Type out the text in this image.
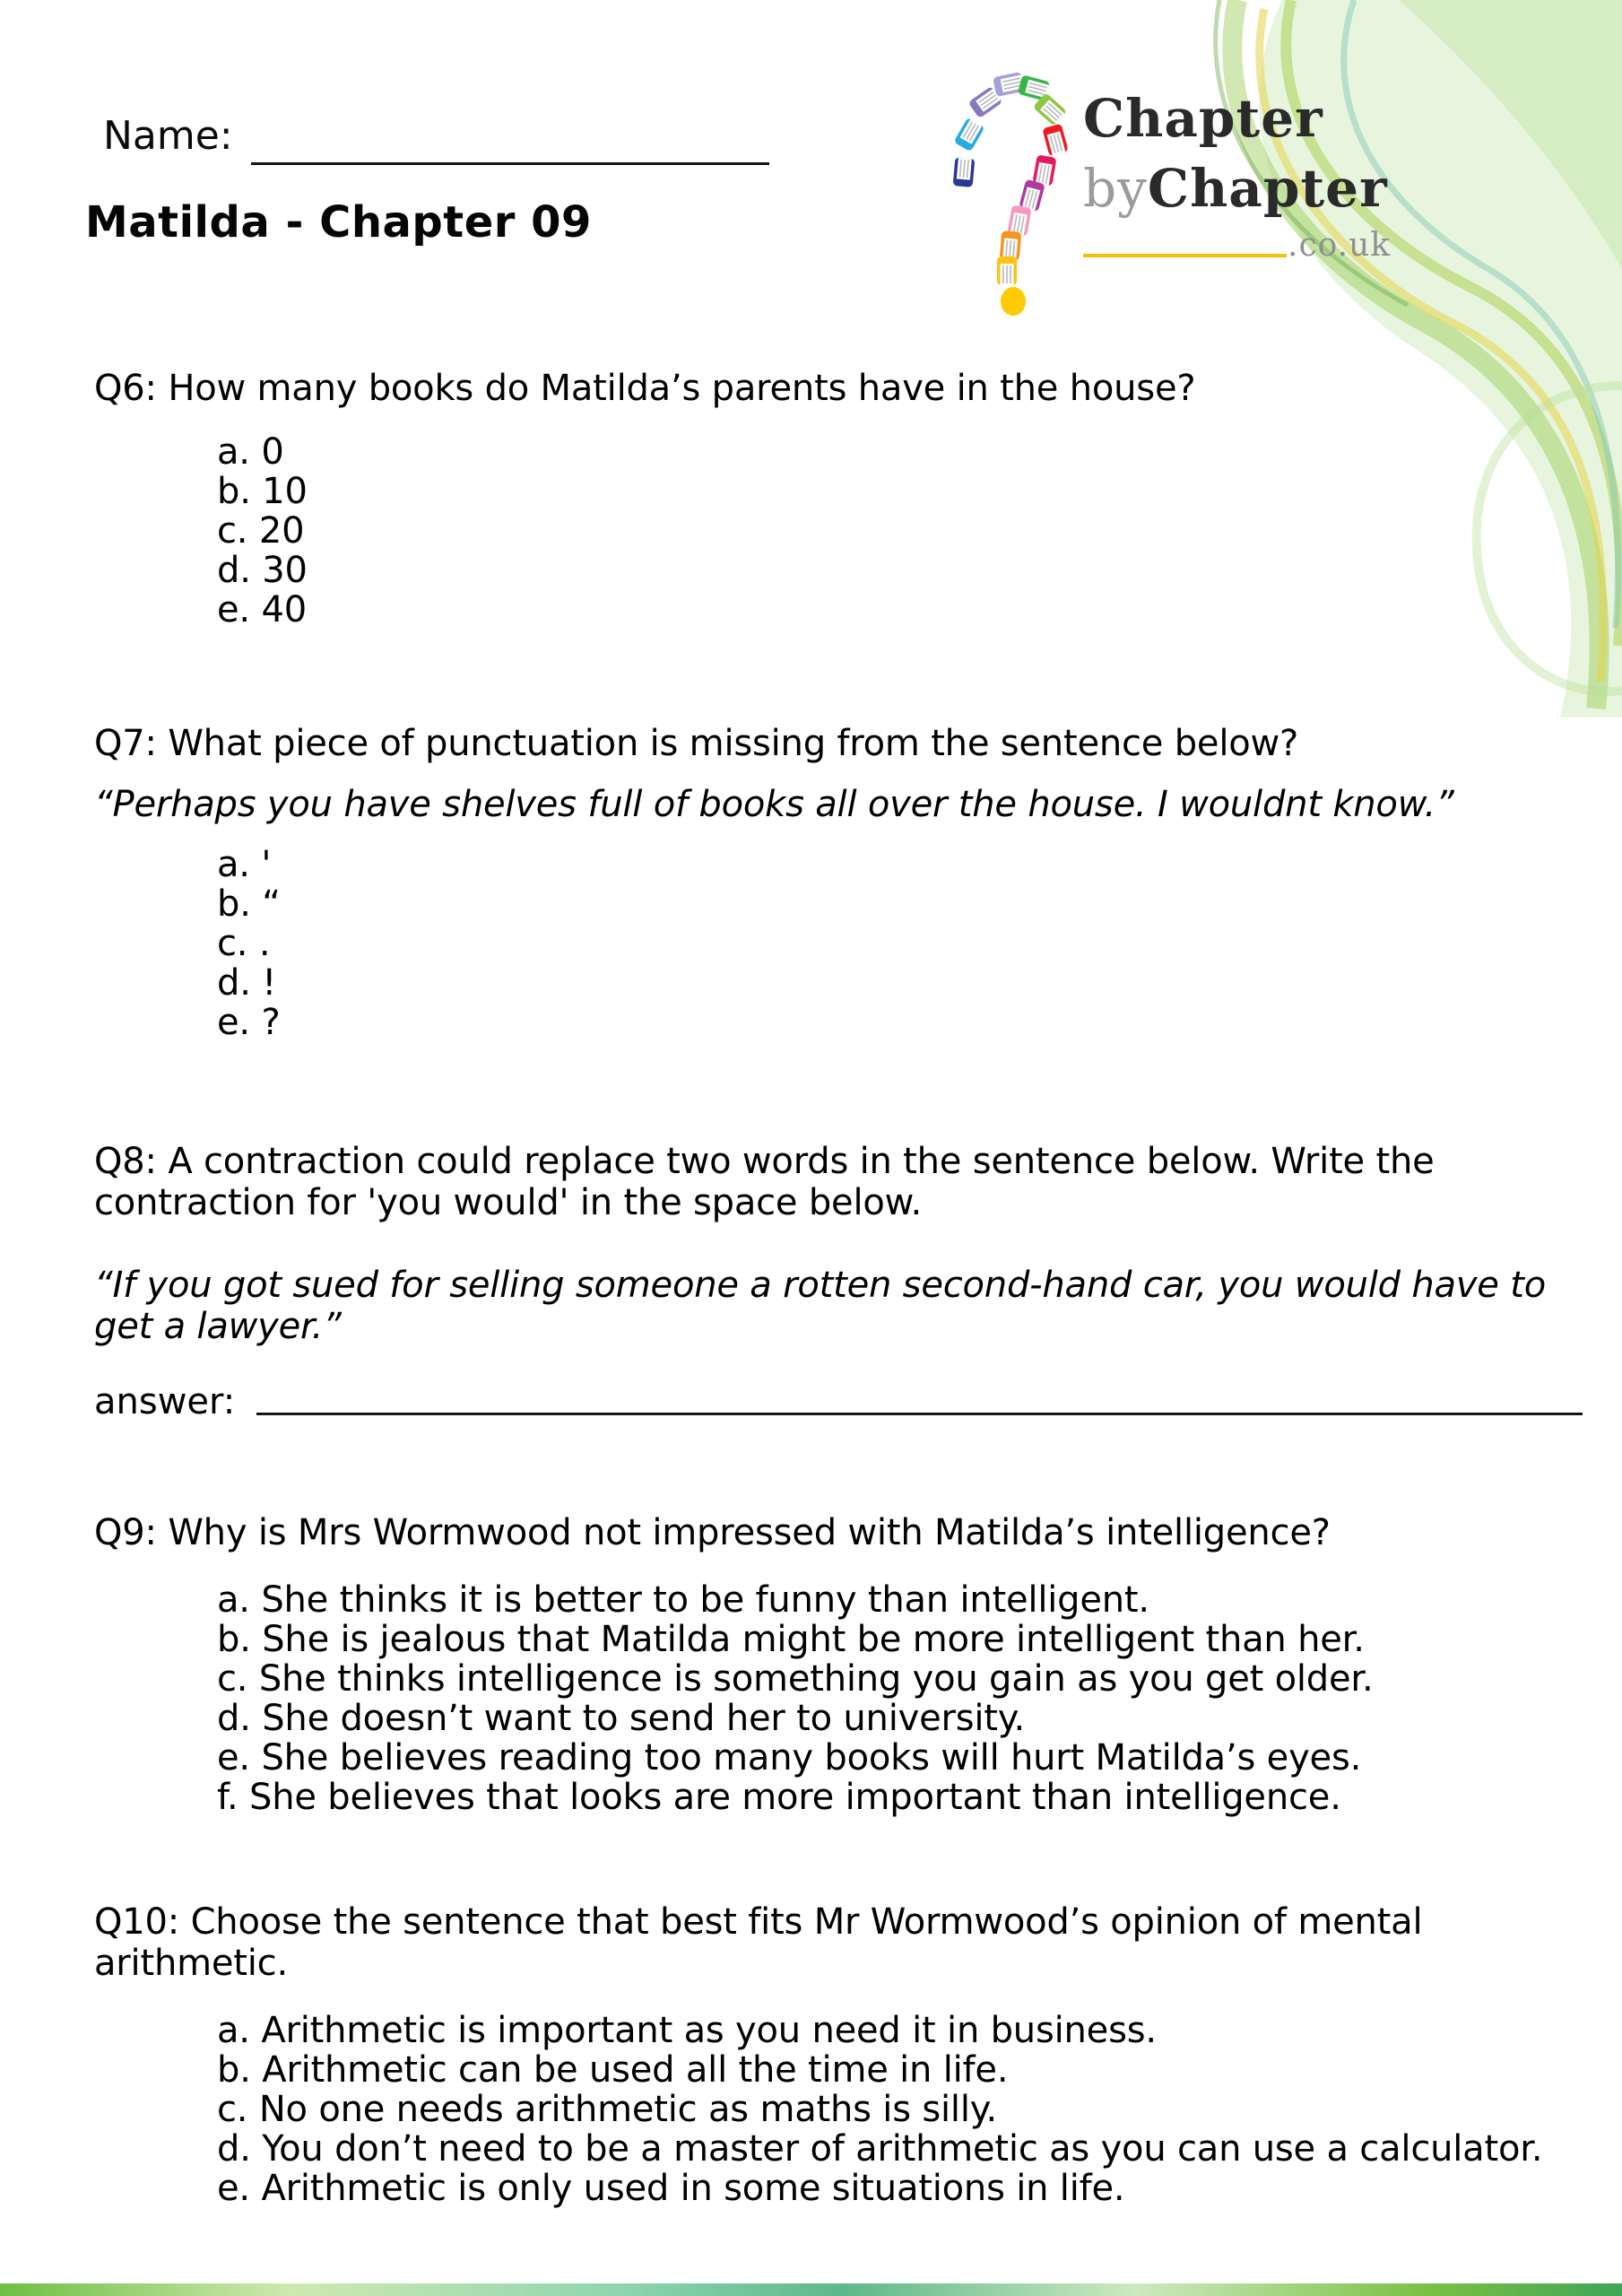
Chapter
byChapter
.co.uk
Name:
Matilda - Chapter 09
Q6: How many books do Matilda’s parents have in the house?
a. 0
b. 10
c. 20
d. 30
e. 40
Q7: What piece of punctuation is missing from the sentence below?
“Perhaps you have shelves full of books all over the house. I wouldnt know.”
a. '
b. “
c. .
d. !
e. ?
Q8: A contraction could replace two words in the sentence below. Write the contraction for 'you would' in the space below.
“If you got sued for selling someone a rotten second-hand car, you would have to get a lawyer.”
answer:
Q9: Why is Mrs Wormwood not impressed with Matilda’s intelligence?
a. She thinks it is better to be funny than intelligent.
b. She is jealous that Matilda might be more intelligent than her.
c. She thinks intelligence is something you gain as you get older.
d. She doesn’t want to send her to university.
e. She believes reading too many books will hurt Matilda’s eyes.
f. She believes that looks are more important than intelligence.
Q10: Choose the sentence that best fits Mr Wormwood’s opinion of mental arithmetic.
a. Arithmetic is important as you need it in business.
b. Arithmetic can be used all the time in life.
c. No one needs arithmetic as maths is silly.
d. You don’t need to be a master of arithmetic as you can use a calculator.
e. Arithmetic is only used in some situations in life.
